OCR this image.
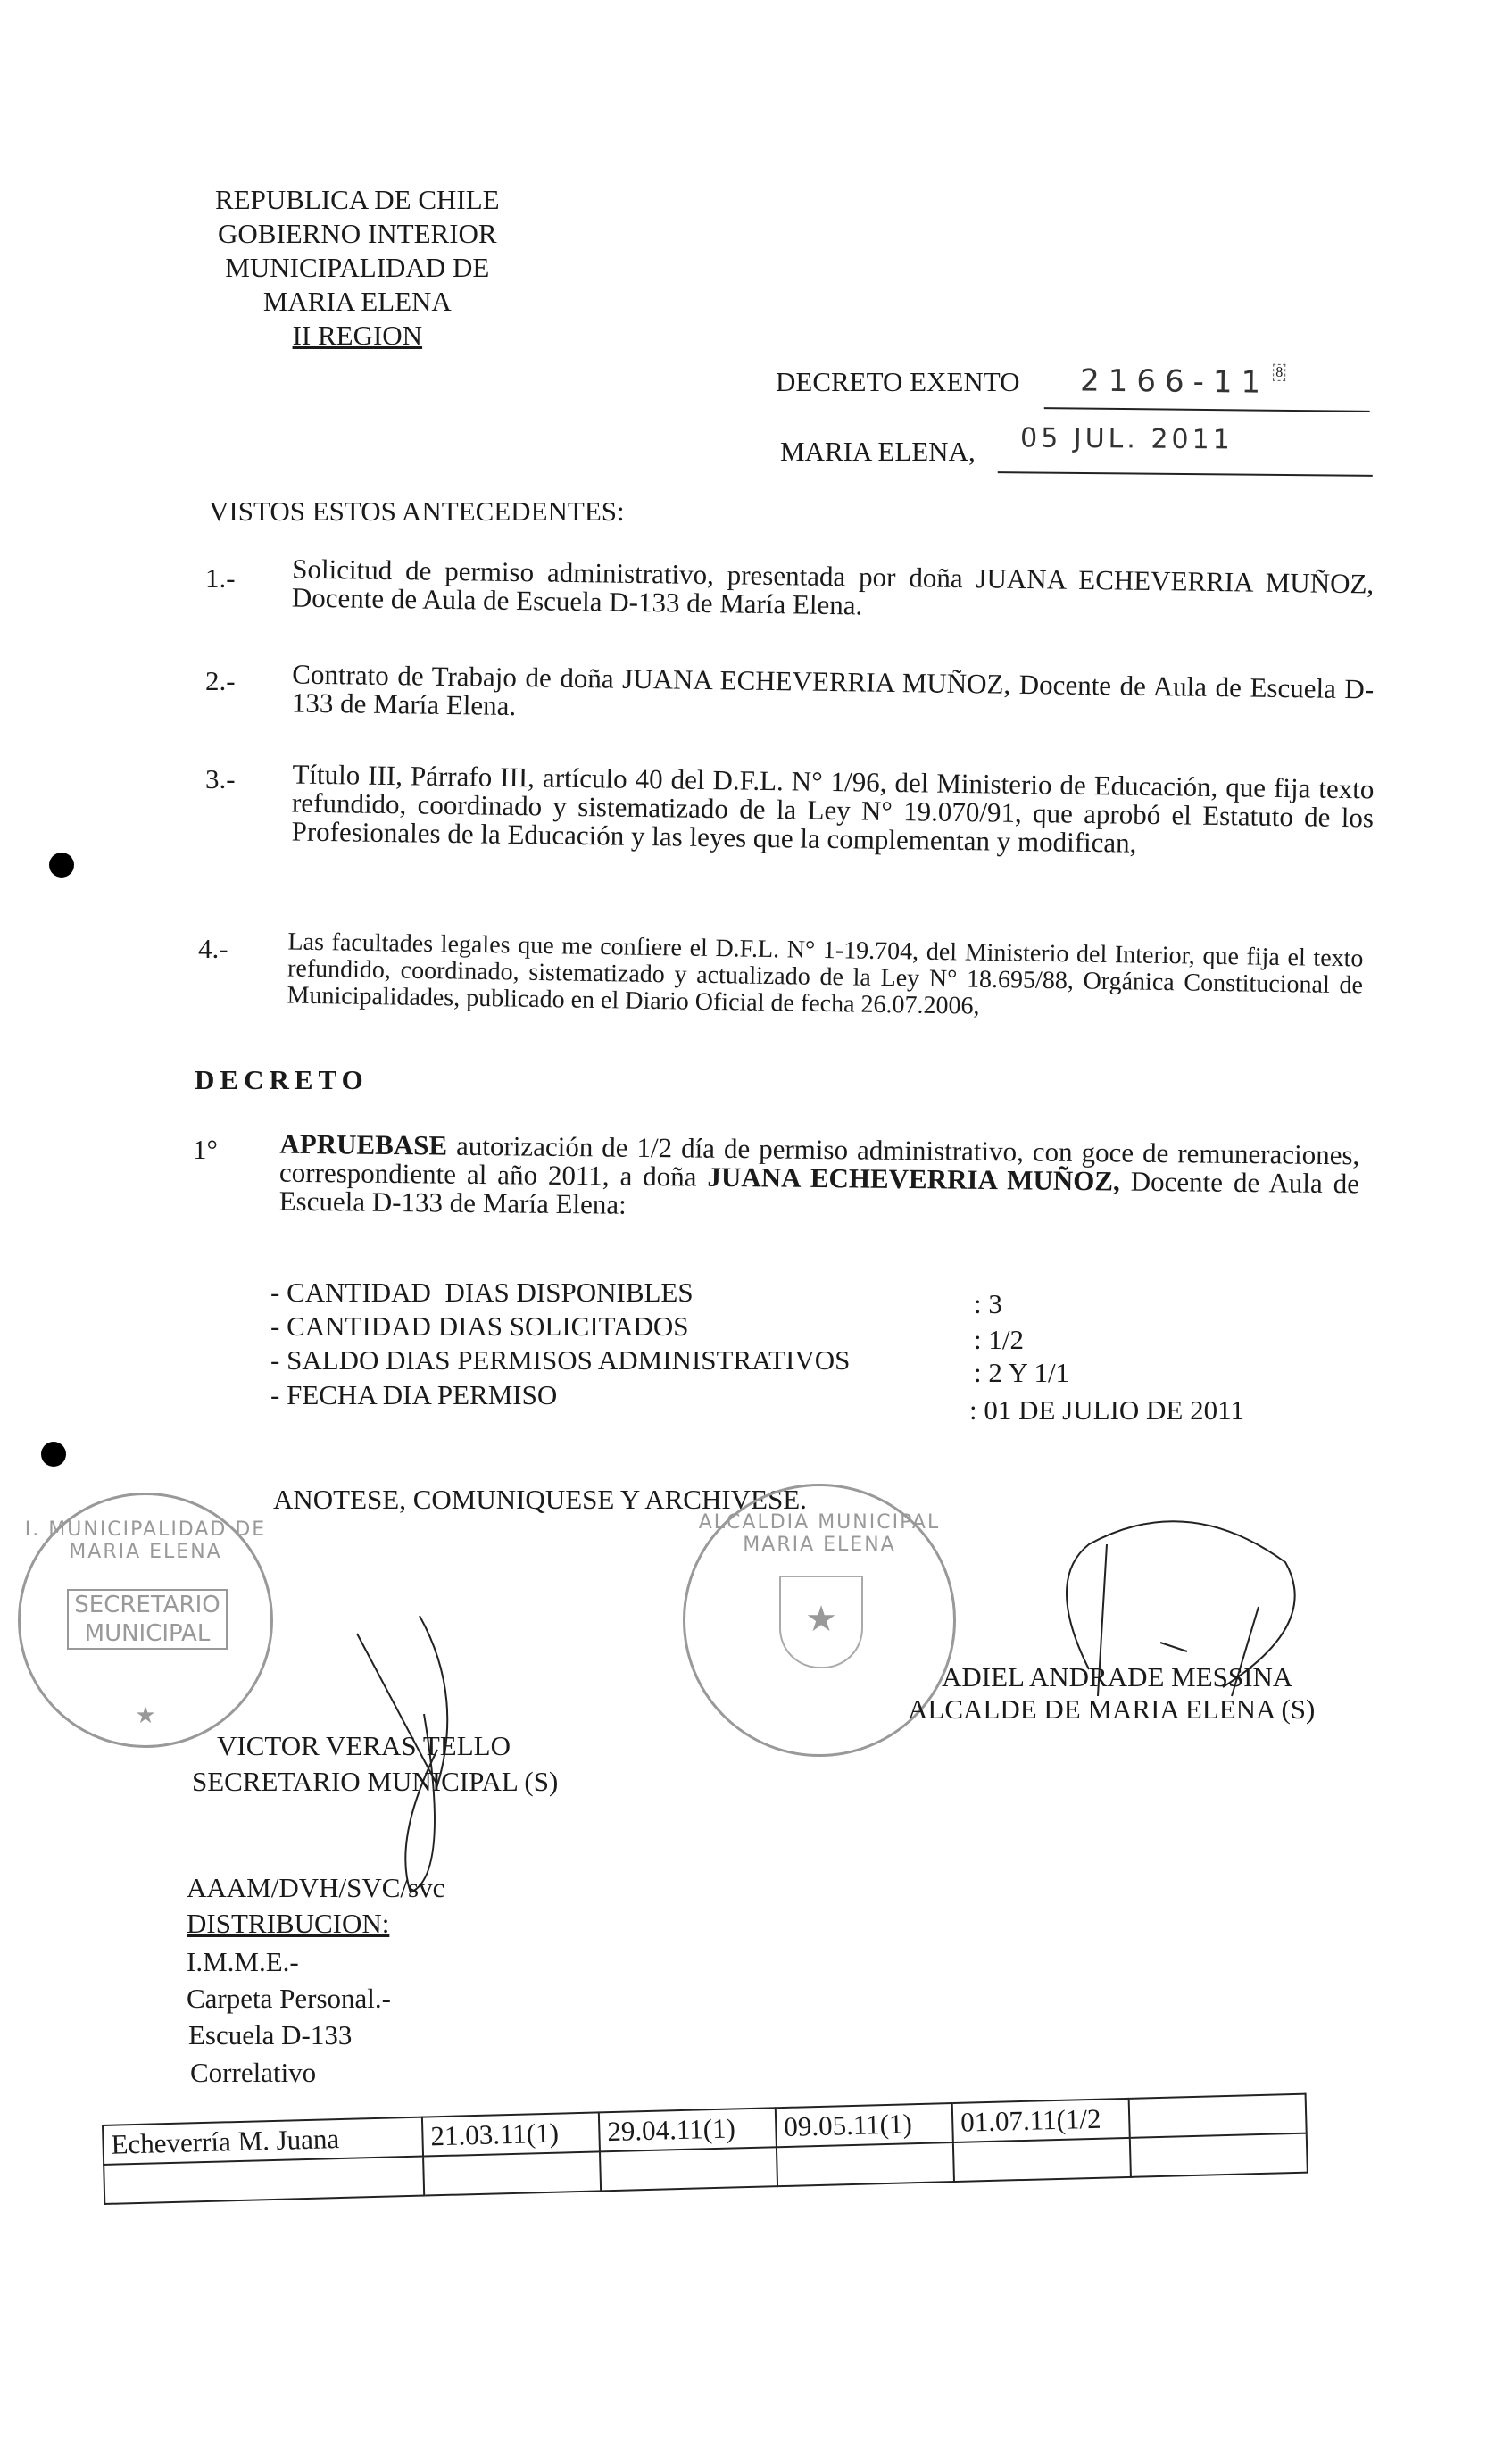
REPUBLICA DE CHILE
GOBIERNO INTERIOR
MUNICIPALIDAD DE
MARIA ELENA
II REGION
DECRETO EXENTO	2166-11 8
MARIA ELENA,	05 JUL. 2011
VISTOS ESTOS ANTECEDENTES:
1.- Solicitud de permiso administrativo, presentada por doña JUANA ECHEVERRIA MUÑOZ, Docente de Aula de Escuela D-133 de María Elena.
2.- Contrato de Trabajo de doña JUANA ECHEVERRIA MUÑOZ, Docente de Aula de Escuela D-133 de María Elena.
3.- Título III, Párrafo III, artículo 40 del D.F.L. N° 1/96, del Ministerio de Educación, que fija texto refundido, coordinado y sistematizado de la Ley N° 19.070/91, que aprobó el Estatuto de los Profesionales de la Educación y las leyes que la complementan y modifican,
4.- Las facultades legales que me confiere el D.F.L. N° 1-19.704, del Ministerio del Interior, que fija el texto refundido, coordinado, sistematizado y actualizado de la Ley N° 18.695/88, Orgánica Constitucional de Municipalidades, publicado en el Diario Oficial de fecha 26.07.2006,
DECRETO
1° APRUEBASE autorización de 1/2 día de permiso administrativo, con goce de remuneraciones, correspondiente al año 2011, a doña JUANA ECHEVERRIA MUÑOZ, Docente de Aula de Escuela D-133 de María Elena:
- CANTIDAD  DIAS DISPONIBLES	: 3
- CANTIDAD DIAS SOLICITADOS	: 1/2
- SALDO DIAS PERMISOS ADMINISTRATIVOS	: 2 Y 1/1
- FECHA DIA PERMISO	: 01 DE JULIO DE 2011
ANOTESE, COMUNIQUESE Y ARCHIVESE.
I. MUNICIPALIDAD DE MARIA ELENA
SECRETARIO
MUNICIPAL
★
ALCALDIA MUNICIPAL MARIA ELENA
★
VICTOR VERAS TELLO
SECRETARIO MUNICIPAL (S)
ADIEL ANDRADE MESSINA
ALCALDE DE MARIA ELENA (S)
AAAM/DVH/SVC/svc
DISTRIBUCION:
I.M.M.E.-
Carpeta Personal.-
Escuela D-133
Correlativo
Echeverría M. Juana	21.03.11(1)	29.04.11(1)	09.05.11(1)	01.07.11(1/2	
